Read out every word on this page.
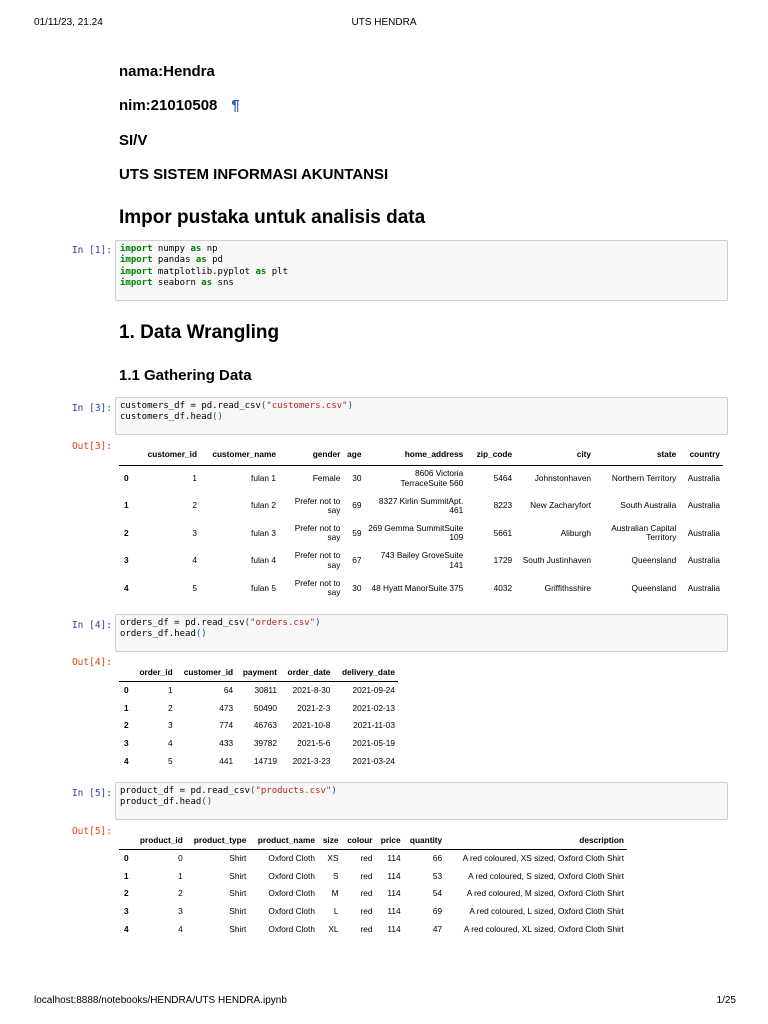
01/11/23, 21.24	UTS HENDRA
localhost:8888/notebooks/HENDRA/UTS HENDRA.ipynb	1/25
nama:Hendra
nim:21010508 ¶
SI/V
UTS SISTEM INFORMASI AKUNTANSI
Impor pustaka untuk analisis data
In [1]: import numpy as np
import pandas as pd
import matplotlib.pyplot as plt
import seaborn as sns
1. Data Wrangling
1.1 Gathering Data
In [3]: customers_df = pd.read_csv("customers.csv")
customers_df.head()
Out[3]:
	customer_id	customer_name	gender	age	home_address	zip_code	city	state	country
0	1	fulan 1	Female	30	8606 Victoria TerraceSuite 560	5464	Johnstonhaven	Northern Territory	Australia
1	2	fulan 2	Prefer not to say	69	8327 Kirlin SummitApt. 461	8223	New Zacharyfort	South Australia	Australia
2	3	fulan 3	Prefer not to say	59	269 Gemma SummitSuite 109	5661	Aliburgh	Australian Capital Territory	Australia
3	4	fulan 4	Prefer not to say	67	743 Bailey GroveSuite 141	1729	South Justinhaven	Queensland	Australia
4	5	fulan 5	Prefer not to say	30	48 Hyatt ManorSuite 375	4032	Griffithsshire	Queensland	Australia
In [4]: orders_df = pd.read_csv("orders.csv")
orders_df.head()
Out[4]:
	order_id	customer_id	payment	order_date	delivery_date
0	1	64	30811	2021-8-30	2021-09-24
1	2	473	50490	2021-2-3	2021-02-13
2	3	774	46763	2021-10-8	2021-11-03
3	4	433	39782	2021-5-6	2021-05-19
4	5	441	14719	2021-3-23	2021-03-24
In [5]: product_df = pd.read_csv("products.csv")
product_df.head()
Out[5]:
	product_id	product_type	product_name	size	colour	price	quantity	description
0	0	Shirt	Oxford Cloth	XS	red	114	66	A red coloured, XS sized, Oxford Cloth Shirt
1	1	Shirt	Oxford Cloth	S	red	114	53	A red coloured, S sized, Oxford Cloth Shirt
2	2	Shirt	Oxford Cloth	M	red	114	54	A red coloured, M sized, Oxford Cloth Shirt
3	3	Shirt	Oxford Cloth	L	red	114	69	A red coloured, L sized, Oxford Cloth Shirt
4	4	Shirt	Oxford Cloth	XL	red	114	47	A red coloured, XL sized, Oxford Cloth Shirt
